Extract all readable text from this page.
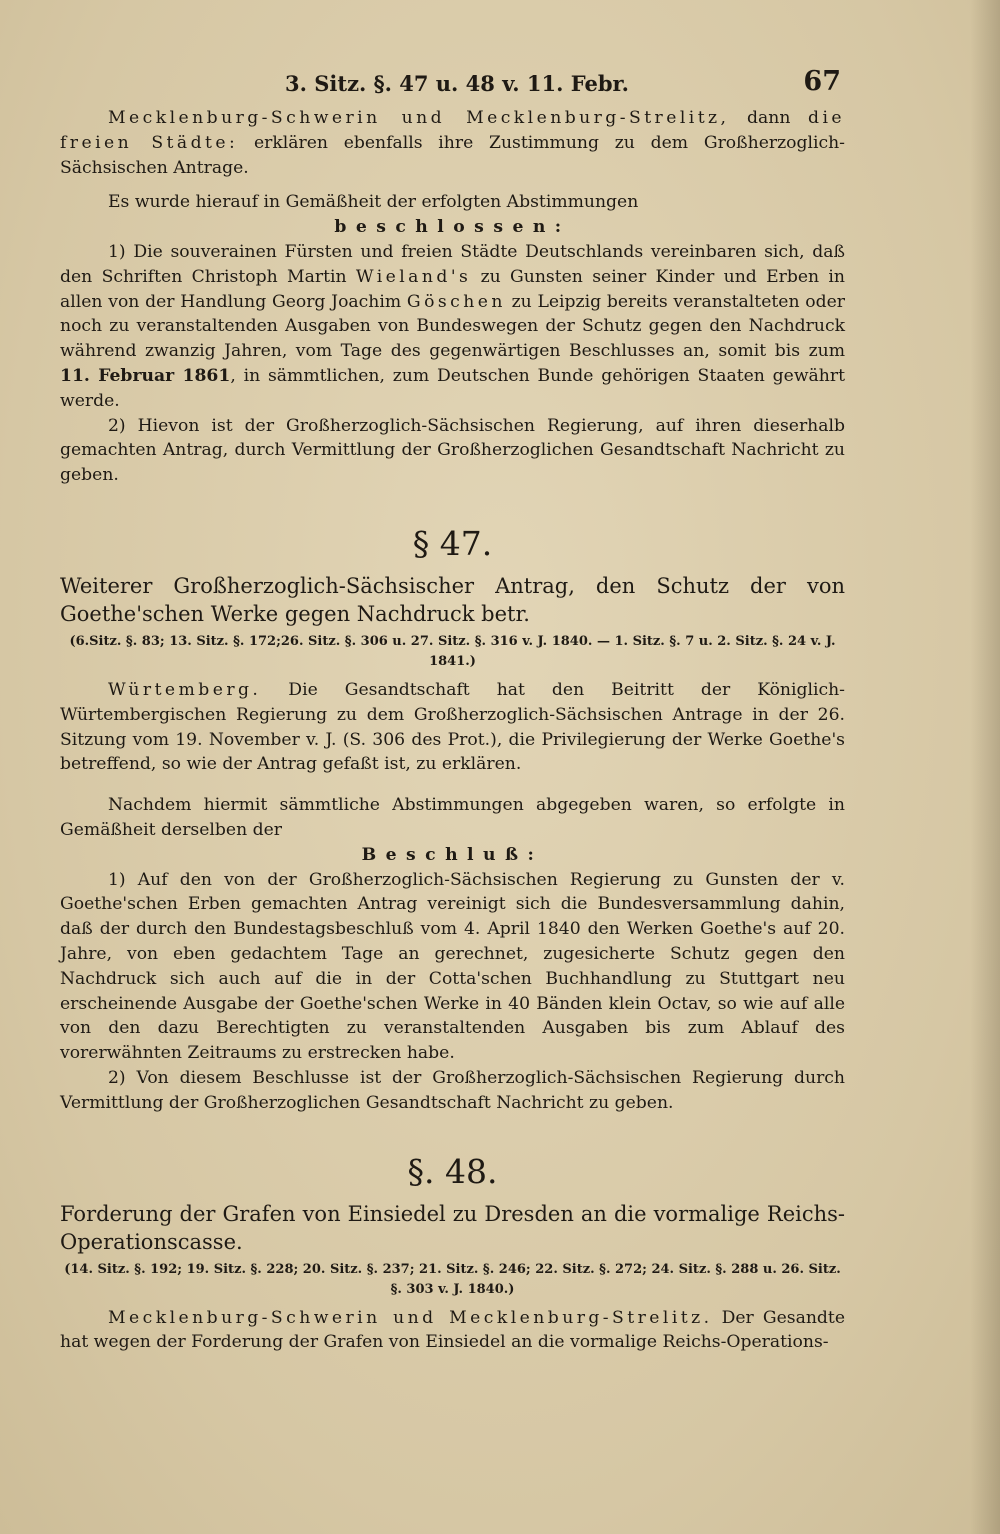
3. Sitz. §. 47 u. 48 v. 11. Febr.	67

Mecklenburg-Schwerin und Mecklenburg-Strelitz, dann die freien Städte: erklären ebenfalls ihre Zustimmung zu dem Großherzoglich-Sächsischen Antrage.

Es wurde hierauf in Gemäßheit der erfolgten Abstimmungen

beschlossen:

1) Die souverainen Fürsten und freien Städte Deutschlands vereinbaren sich, daß den Schriften Christoph Martin Wieland's zu Gunsten seiner Kinder und Erben in allen von der Handlung Georg Joachim Göschen zu Leipzig bereits veranstalteten oder noch zu veranstaltenden Ausgaben von Bundeswegen der Schutz gegen den Nachdruck während zwanzig Jahren, vom Tage des gegenwärtigen Beschlusses an, somit bis zum 11. Februar 1861, in sämmtlichen, zum Deutschen Bunde gehörigen Staaten gewährt werde.

2) Hievon ist der Großherzoglich-Sächsischen Regierung, auf ihren dieserhalb gemachten Antrag, durch Vermittlung der Großherzoglichen Gesandtschaft Nachricht zu geben.

§ 47.

Weiterer Großherzoglich-Sächsischer Antrag, den Schutz der von Goethe'schen Werke gegen Nachdruck betr.

(6.Sitz. §. 83; 13. Sitz. §. 172;26. Sitz. §. 306 u. 27. Sitz. §. 316 v. J. 1840. — 1. Sitz. §. 7 u. 2. Sitz. §. 24 v. J. 1841.)

Würtemberg. Die Gesandtschaft hat den Beitritt der Königlich-Würtembergischen Regierung zu dem Großherzoglich-Sächsischen Antrage in der 26. Sitzung vom 19. November v. J. (S. 306 des Prot.), die Privilegierung der Werke Goethe's betreffend, so wie der Antrag gefaßt ist, zu erklären.

Nachdem hiermit sämmtliche Abstimmungen abgegeben waren, so erfolgte in Gemäßheit derselben der

Beschluß:

1) Auf den von der Großherzoglich-Sächsischen Regierung zu Gunsten der v. Goethe'schen Erben gemachten Antrag vereinigt sich die Bundesversammlung dahin, daß der durch den Bundestagsbeschluß vom 4. April 1840 den Werken Goethe's auf 20. Jahre, von eben gedachtem Tage an gerechnet, zugesicherte Schutz gegen den Nachdruck sich auch auf die in der Cotta'schen Buchhandlung zu Stuttgart neu erscheinende Ausgabe der Goethe'schen Werke in 40 Bänden klein Octav, so wie auf alle von den dazu Berechtigten zu veranstaltenden Ausgaben bis zum Ablauf des vorerwähnten Zeitraums zu erstrecken habe.

2) Von diesem Beschlusse ist der Großherzoglich-Sächsischen Regierung durch Vermittlung der Großherzoglichen Gesandtschaft Nachricht zu geben.

§. 48.

Forderung der Grafen von Einsiedel zu Dresden an die vormalige Reichs-Operationscasse.

(14. Sitz. §. 192; 19. Sitz. §. 228; 20. Sitz. §. 237; 21. Sitz. §. 246; 22. Sitz. §. 272; 24. Sitz. §. 288 u. 26. Sitz. §. 303 v. J. 1840.)

Mecklenburg-Schwerin und Mecklenburg-Strelitz. Der Gesandte hat wegen der Forderung der Grafen von Einsiedel an die vormalige Reichs-Operations-
